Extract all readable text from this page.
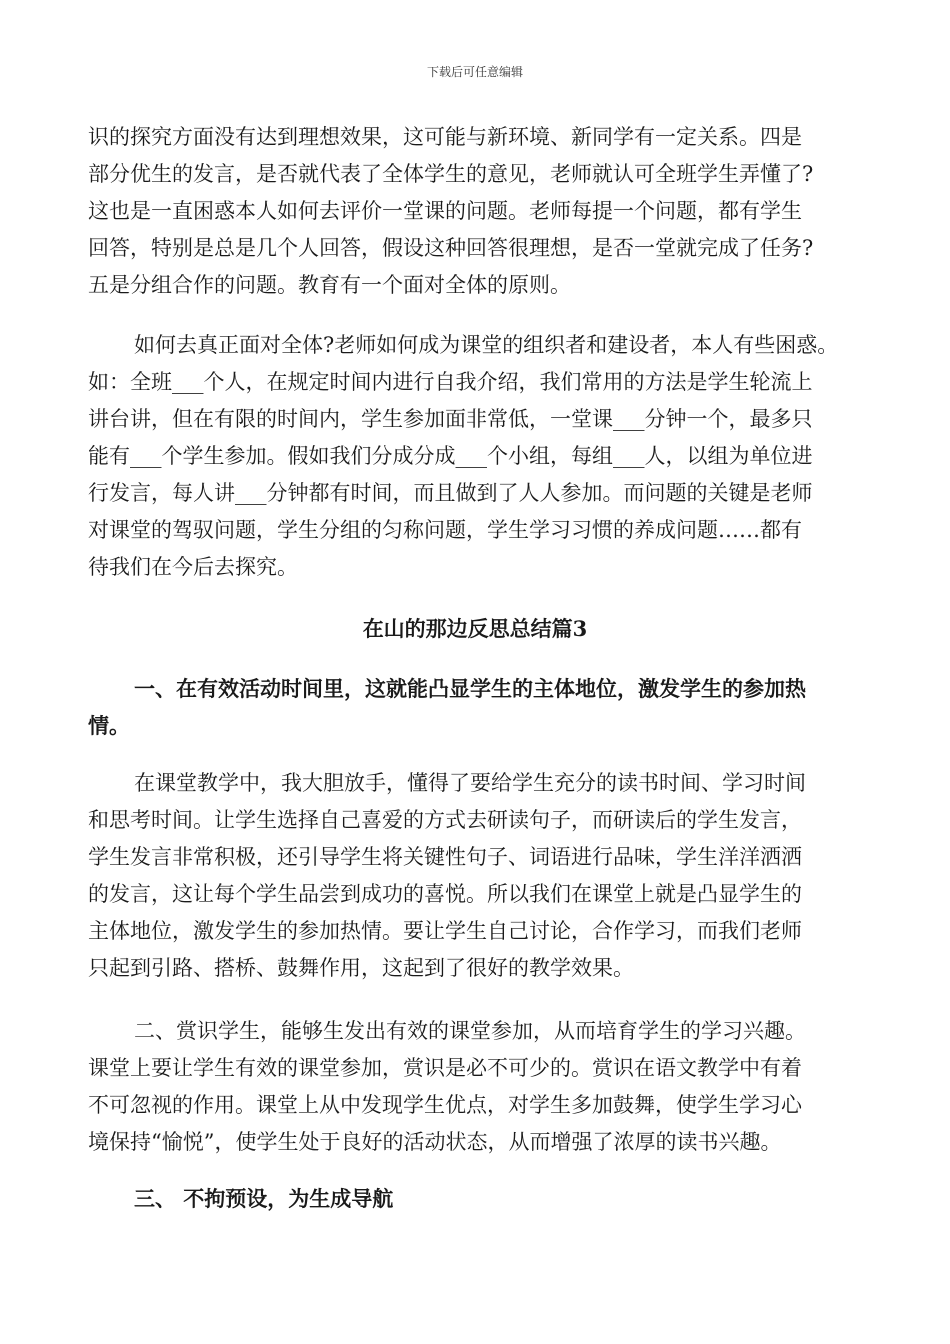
下载后可任意编辑
识的探究方面没有达到理想效果，这可能与新环境、新同学有一定关系。四是
部分优生的发言，是否就代表了全体学生的意见，老师就认可全班学生弄懂了?
这也是一直困惑本人如何去评价一堂课的问题。老师每提一个问题，都有学生
回答，特别是总是几个人回答，假设这种回答很理想，是否一堂就完成了任务?
五是分组合作的问题。教育有一个面对全体的原则。
如何去真正面对全体?老师如何成为课堂的组织者和建设者，本人有些困惑。
如：全班___个人，在规定时间内进行自我介绍，我们常用的方法是学生轮流上
讲台讲，但在有限的时间内，学生参加面非常低，一堂课___分钟一个，最多只
能有___个学生参加。假如我们分成分成___个小组，每组___人，以组为单位进
行发言，每人讲___分钟都有时间，而且做到了人人参加。而问题的关键是老师
对课堂的驾驭问题，学生分组的匀称问题，学生学习习惯的养成问题……都有
待我们在今后去探究。
在山的那边反思总结篇3
一、在有效活动时间里，这就能凸显学生的主体地位，激发学生的参加热
情。
在课堂教学中，我大胆放手，懂得了要给学生充分的读书时间、学习时间
和思考时间。让学生选择自己喜爱的方式去研读句子，而研读后的学生发言，
学生发言非常积极，还引导学生将关键性句子、词语进行品味，学生洋洋洒洒
的发言，这让每个学生品尝到成功的喜悦。所以我们在课堂上就是凸显学生的
主体地位，激发学生的参加热情。要让学生自己讨论，合作学习，而我们老师
只起到引路、搭桥、鼓舞作用，这起到了很好的教学效果。
二、赏识学生，能够生发出有效的课堂参加，从而培育学生的学习兴趣。
课堂上要让学生有效的课堂参加，赏识是必不可少的。赏识在语文教学中有着
不可忽视的作用。课堂上从中发现学生优点，对学生多加鼓舞，使学生学习心
境保持“愉悦”，使学生处于良好的活动状态，从而增强了浓厚的读书兴趣。
三、 不拘预设，为生成导航
